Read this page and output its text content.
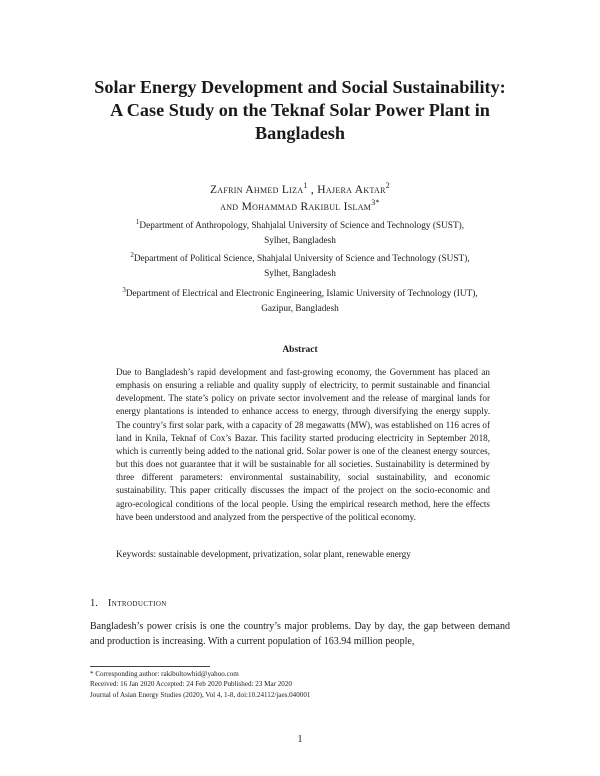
Solar Energy Development and Social Sustainability:
A Case Study on the Teknaf Solar Power Plant in
Bangladesh
Zafrin Ahmed Liza$^1$ , Hajera Aktar$^2$
and Mohammad Rakibul Islam$^{3*}$
$^1$Department of Anthropology, Shahjalal University of Science and Technology (SUST),
Sylhet, Bangladesh
$^2$Department of Political Science, Shahjalal University of Science and Technology (SUST),
Sylhet, Bangladesh
$^3$Department of Electrical and Electronic Engineering, Islamic University of Technology (IUT),
Gazipur, Bangladesh
Abstract
Due to Bangladesh’s rapid development and fast-growing economy, the Government has placed an emphasis on ensuring a reliable and quality supply of electricity, to permit sustainable and financial development. The state’s policy on private sector involvement and the release of marginal lands for energy plantations is intended to enhance access to energy, through diversifying the energy supply. The country’s first solar park, with a capacity of 28 megawatts (MW), was established on 116 acres of land in Knila, Teknaf of Cox’s Bazar. This facility started producing electricity in September 2018, which is currently being added to the national grid. Solar power is one of the cleanest energy sources, but this does not guarantee that it will be sustainable for all societies. Sustainability is determined by three different parameters: environmental sustainability, social sustainability, and economic sustainability. This paper critically discusses the impact of the project on the socio-economic and agro-ecological conditions of the local people. Using the empirical research method, here the effects have been understood and analyzed from the perspective of the political economy.
Keywords: sustainable development, privatization, solar plant, renewable energy
1. Introduction
Bangladesh’s power crisis is one the country’s major problems. Day by day, the gap between demand and production is increasing. With a current population of 163.94 million people,
* Corresponding author: rakibultowhid@yahoo.com
Received: 16 Jan 2020 Accepted: 24 Feb 2020 Published: 23 Mar 2020
Journal of Asian Energy Studies (2020), Vol 4, 1-8, doi:10.24112/jaes.040001
1
